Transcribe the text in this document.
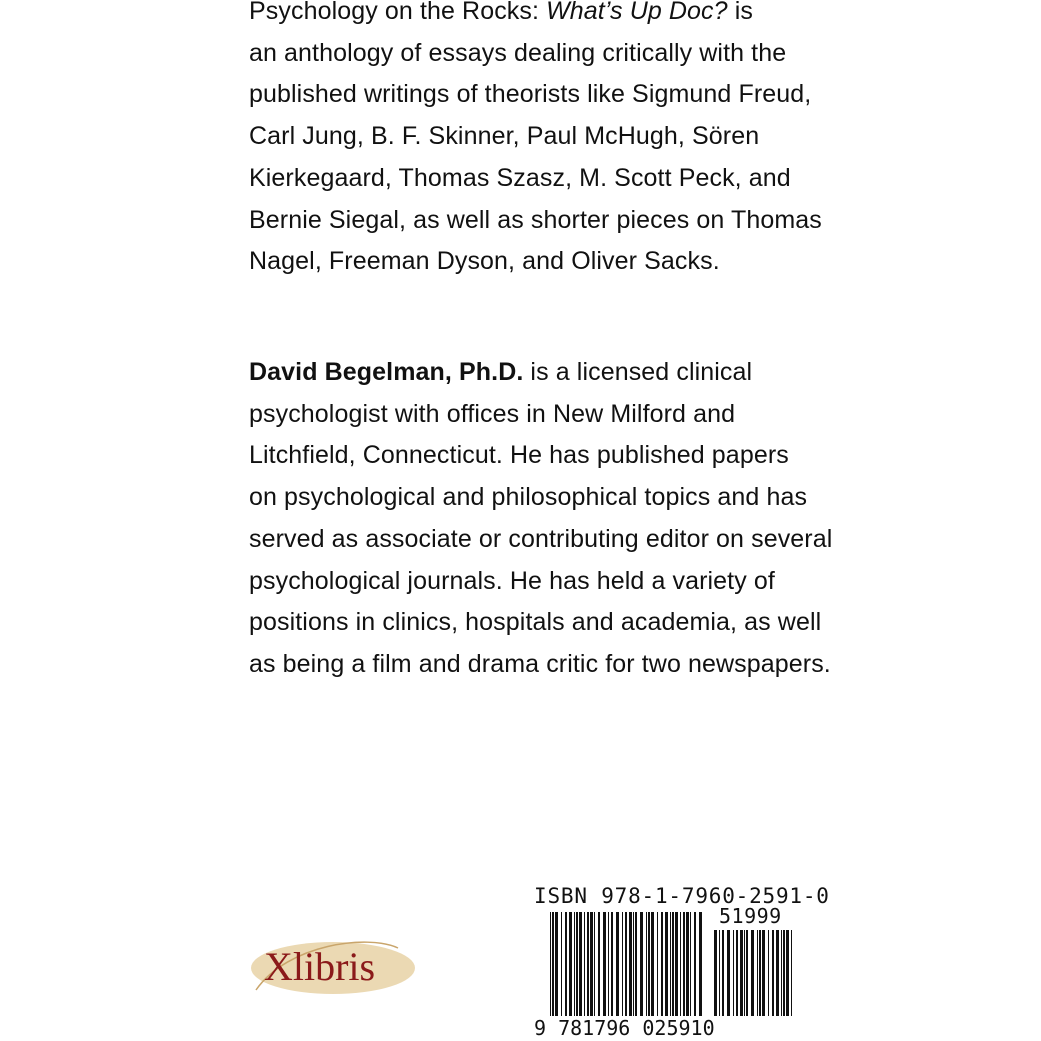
Psychology on the Rocks: What’s Up Doc? is
an anthology of essays dealing critically with the
published writings of theorists like Sigmund Freud,
Carl Jung, B. F. Skinner, Paul McHugh, Sören
Kierkegaard, Thomas Szasz, M. Scott Peck, and
Bernie Siegal, as well as shorter pieces on Thomas
Nagel, Freeman Dyson, and Oliver Sacks.
David Begelman, Ph.D. is a licensed clinical
psychologist with offices in New Milford and
Litchfield, Connecticut. He has published papers
on psychological and philosophical topics and has
served as associate or contributing editor on several
psychological journals. He has held a variety of
positions in clinics, hospitals and academia, as well
as being a film and drama critic for two newspapers.
Xlibris
ISBN 978-1-7960-2591-0
51999
9 781796 025910
